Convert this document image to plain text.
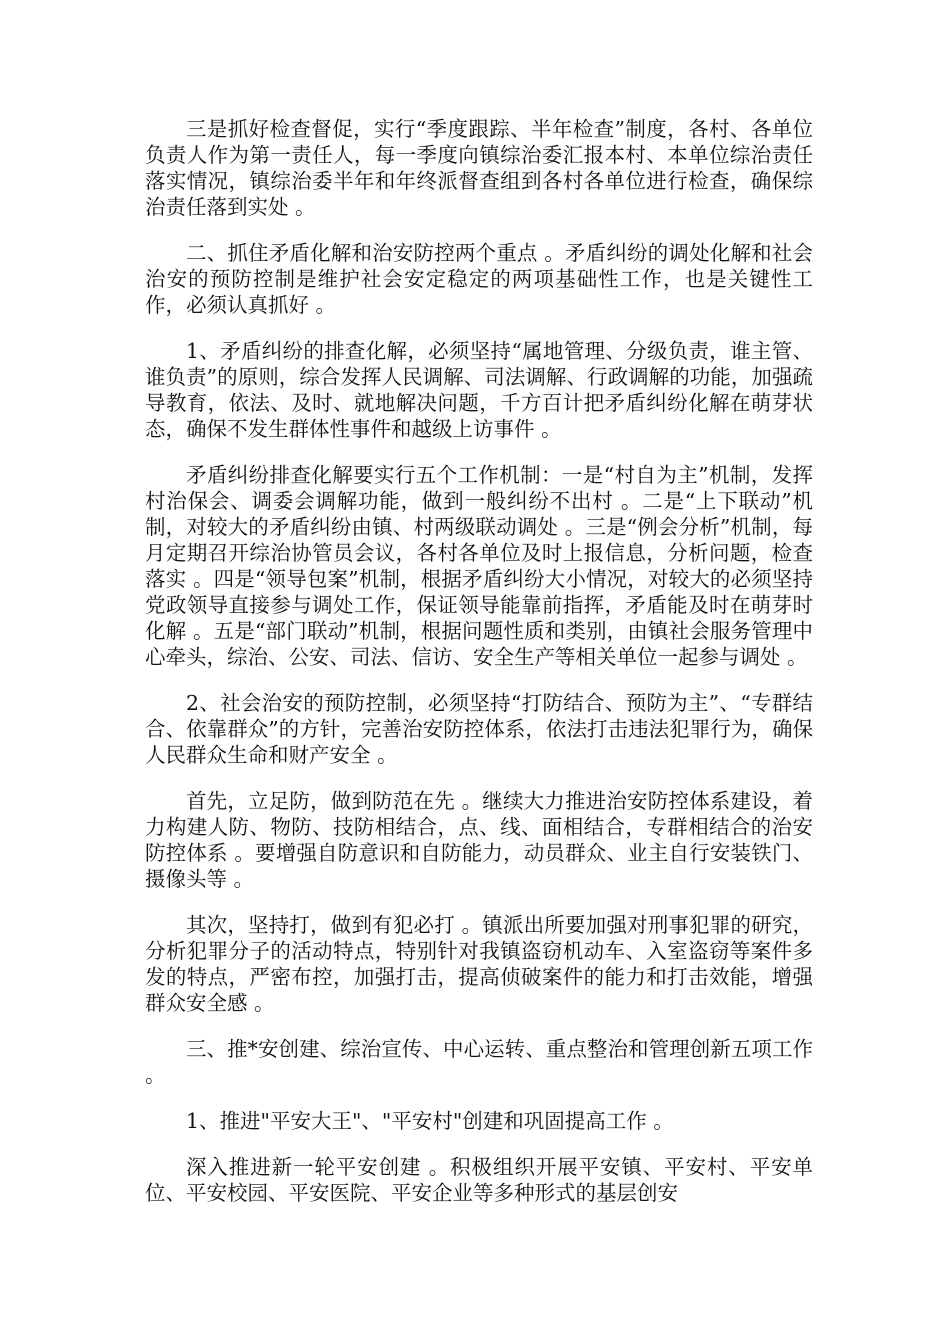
三是抓好检查督促，实行“季度跟踪、半年检查”制度，各村、各单位负责人作为第一责任人，每一季度向镇综治委汇报本村、本单位综治责任落实情况，镇综治委半年和年终派督查组到各村各单位进行检查，确保综治责任落到实处 。

二、抓住矛盾化解和治安防控两个重点 。矛盾纠纷的调处化解和社会治安的预防控制是维护社会安定稳定的两项基础性工作，也是关键性工作，必须认真抓好 。

1、矛盾纠纷的排查化解，必须坚持“属地管理、分级负责，谁主管、谁负责”的原则，综合发挥人民调解、司法调解、行政调解的功能，加强疏导教育，依法、及时、就地解决问题，千方百计把矛盾纠纷化解在萌芽状态，确保不发生群体性事件和越级上访事件 。

矛盾纠纷排查化解要实行五个工作机制：一是“村自为主”机制，发挥村治保会、调委会调解功能，做到一般纠纷不出村 。二是“上下联动”机制，对较大的矛盾纠纷由镇、村两级联动调处 。三是“例会分析”机制，每月定期召开综治协管员会议，各村各单位及时上报信息，分析问题，检查落实 。四是“领导包案”机制，根据矛盾纠纷大小情况，对较大的必须坚持党政领导直接参与调处工作，保证领导能靠前指挥，矛盾能及时在萌芽时化解 。五是“部门联动”机制，根据问题性质和类别，由镇社会服务管理中心牵头，综治、公安、司法、信访、安全生产等相关单位一起参与调处 。

2、社会治安的预防控制，必须坚持“打防结合、预防为主”、“专群结合、依靠群众”的方针，完善治安防控体系，依法打击违法犯罪行为，确保人民群众生命和财产安全 。

首先，立足防，做到防范在先 。继续大力推进治安防控体系建设，着力构建人防、物防、技防相结合，点、线、面相结合，专群相结合的治安防控体系 。要增强自防意识和自防能力，动员群众、业主自行安装铁门、摄像头等 。

其次，坚持打，做到有犯必打 。镇派出所要加强对刑事犯罪的研究，分析犯罪分子的活动特点，特别针对我镇盗窃机动车、入室盗窃等案件多发的特点，严密布控，加强打击，提高侦破案件的能力和打击效能，增强群众安全感 。

三、推*安创建、综治宣传、中心运转、重点整治和管理创新五项工作 。

1、推进"平安大王"、"平安村"创建和巩固提高工作 。

深入推进新一轮平安创建 。积极组织开展平安镇、平安村、平安单位、平安校园、平安医院、平安企业等多种形式的基层创安
